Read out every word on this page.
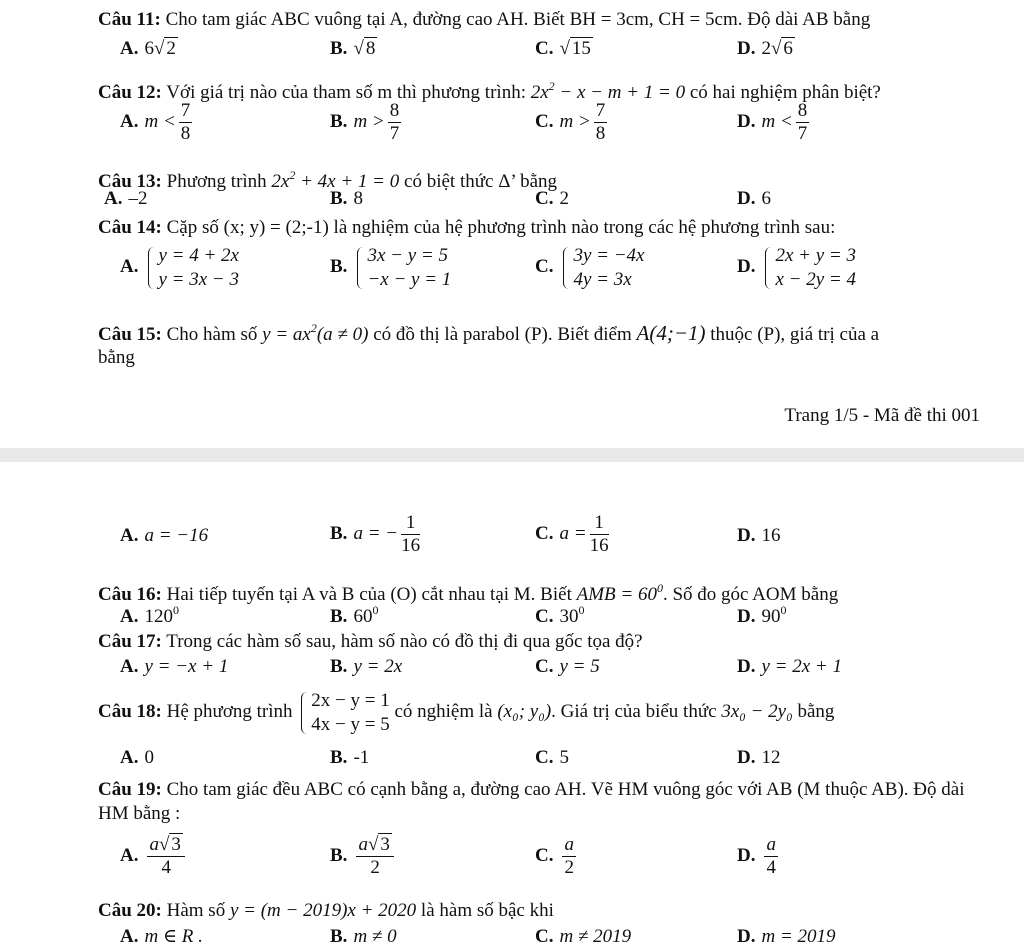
Câu 11: Cho tam giác ABC vuông tại A, đường cao AH. Biết BH = 3cm, CH = 5cm. Độ dài AB bằng
A. 6√ 2	B. √ 8	C. √ 15	D. 2√ 6
Câu 12: Với giá trị nào của tham số m thì phương trình: $2x^2 - x - m + 1 = 0$ có hai nghiệm phân biệt?
A. $m < \frac{7}{8}$	B. $m > \frac{8}{7}$	C. $m > \frac{7}{8}$	D. $m < \frac{8}{7}$
Câu 13: Phương trình $2x^2 + 4x + 1 = 0$ có biệt thức Δ’ bằng
A. –2	B. 8	C. 2	D. 6
Câu 14: Cặp số (x; y) = (2;-1) là nghiệm của hệ phương trình nào trong các hệ phương trình sau:
A.
y = 4 + 2x
y = 3x − 3
B.
3x − y = 5
−x − y = 1
C.
3y = −4x
4y = 3x
D.
2x + y = 3
x − 2y = 4
Câu 15: Cho hàm số $y = ax^2(a \ne 0)$ có đồ thị là parabol (P). Biết điểm A(4;−1) thuộc (P), giá trị của a
bằng
Trang 1/5 - Mã đề thi 001
A. a = −16	B. a = − $\frac{1}{16}$	C. $a = \frac{1}{16}$	D. 16
Câu 16: Hai tiếp tuyến tại A và B của (O) cắt nhau tại M. Biết AMB = $60^0$. Số đo góc AOM bằng
A. $120^0$	B. $60^0$	C. $30^0$	D. $90^0$
Câu 17: Trong các hàm số sau, hàm số nào có đồ thị đi qua gốc tọa độ?
A. y = −x + 1	B. y = 2x	C. y = 5	D. y = 2x + 1
Câu 18: Hệ phương trình
2x − y = 1
4x − y = 5
có nghiệm là (x₀; y₀). Giá trị của biểu thức 3x₀ − 2y₀ bằng
A. 0	B. -1	C. 5	D. 12
Câu 19: Cho tam giác đều ABC có cạnh bằng a, đường cao AH. Vẽ HM vuông góc với AB (M thuộc AB). Độ dài HM bằng :
A. $\frac{a√ 3}{4}$	B. $\frac{a√ 3}{2}$	C. $\frac{a}{2}$	D. $\frac{a}{4}$
Câu 20: Hàm số y = (m − 2019)x + 2020 là hàm số bậc khi
A. m ∈ R .	B. m ≠ 0	C. m ≠ 2019	D. m = 2019
